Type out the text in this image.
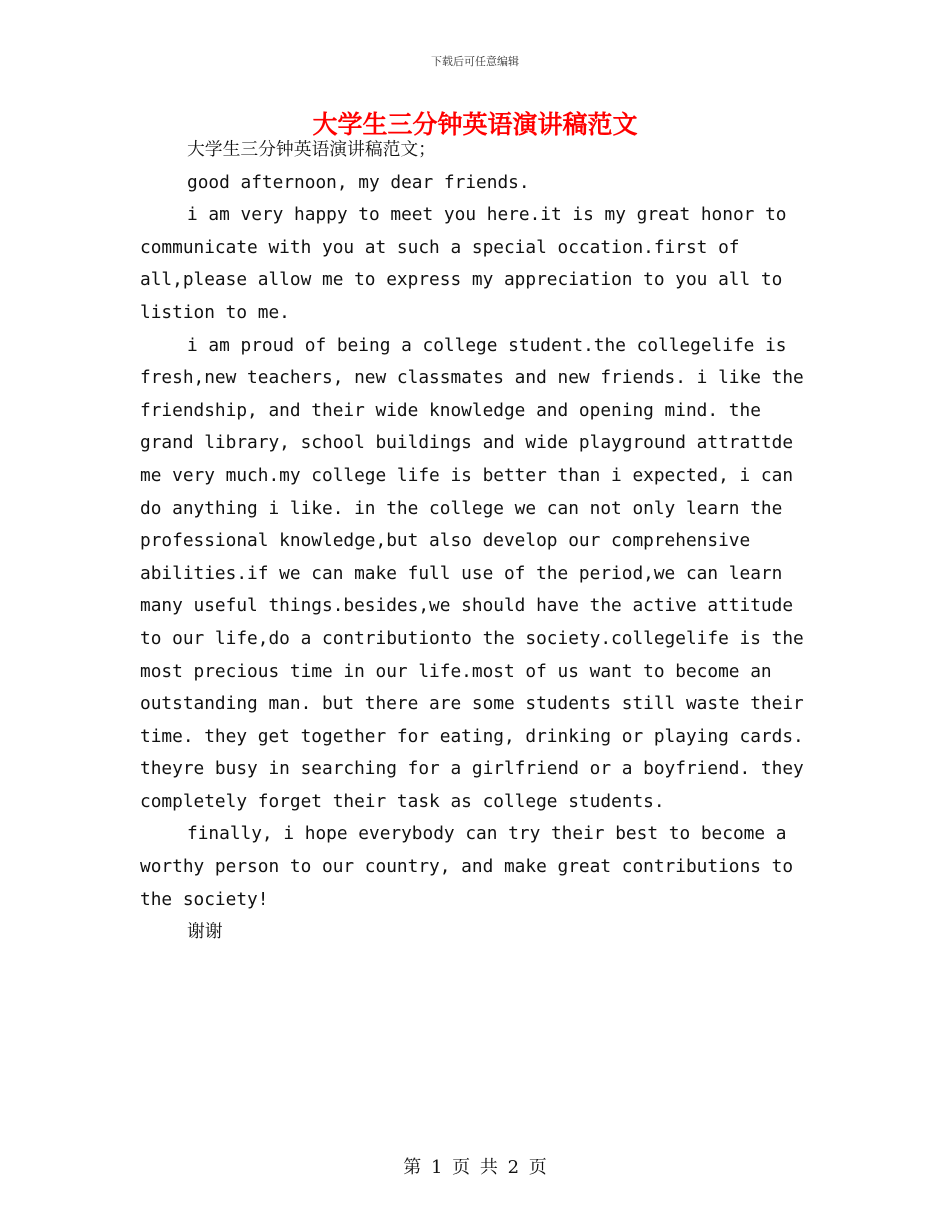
下载后可任意编辑
大学生三分钟英语演讲稿范文

大学生三分钟英语演讲稿范文；

good afternoon, my dear friends.

i am very happy to meet you here.it is my great honor to communicate with you at such a special occation.first of all,please allow me to express my appreciation to you all to listion to me.

i am proud of being a college student.the collegelife is fresh,new teachers, new classmates and new friends. i like the friendship, and their wide knowledge and opening mind. the grand library, school buildings and wide playground attrattde me very much.my college life is better than i expected, i can do anything i like. in the college we can not only learn the professional knowledge,but also develop our comprehensive abilities.if we can make full use of the period,we can learn many useful things.besides,we should have the active attitude to our life,do a contributionto the society.collegelife is the most precious time in our life.most of us want to become an outstanding man. but there are some students still waste their time. they get together for eating, drinking or playing cards. theyre busy in searching for a girlfriend or a boyfriend. they completely forget their task as college students.

finally, i hope everybody can try their best to become a worthy person to our country, and make great contributions to the society!

谢谢

第 1 页 共 2 页
